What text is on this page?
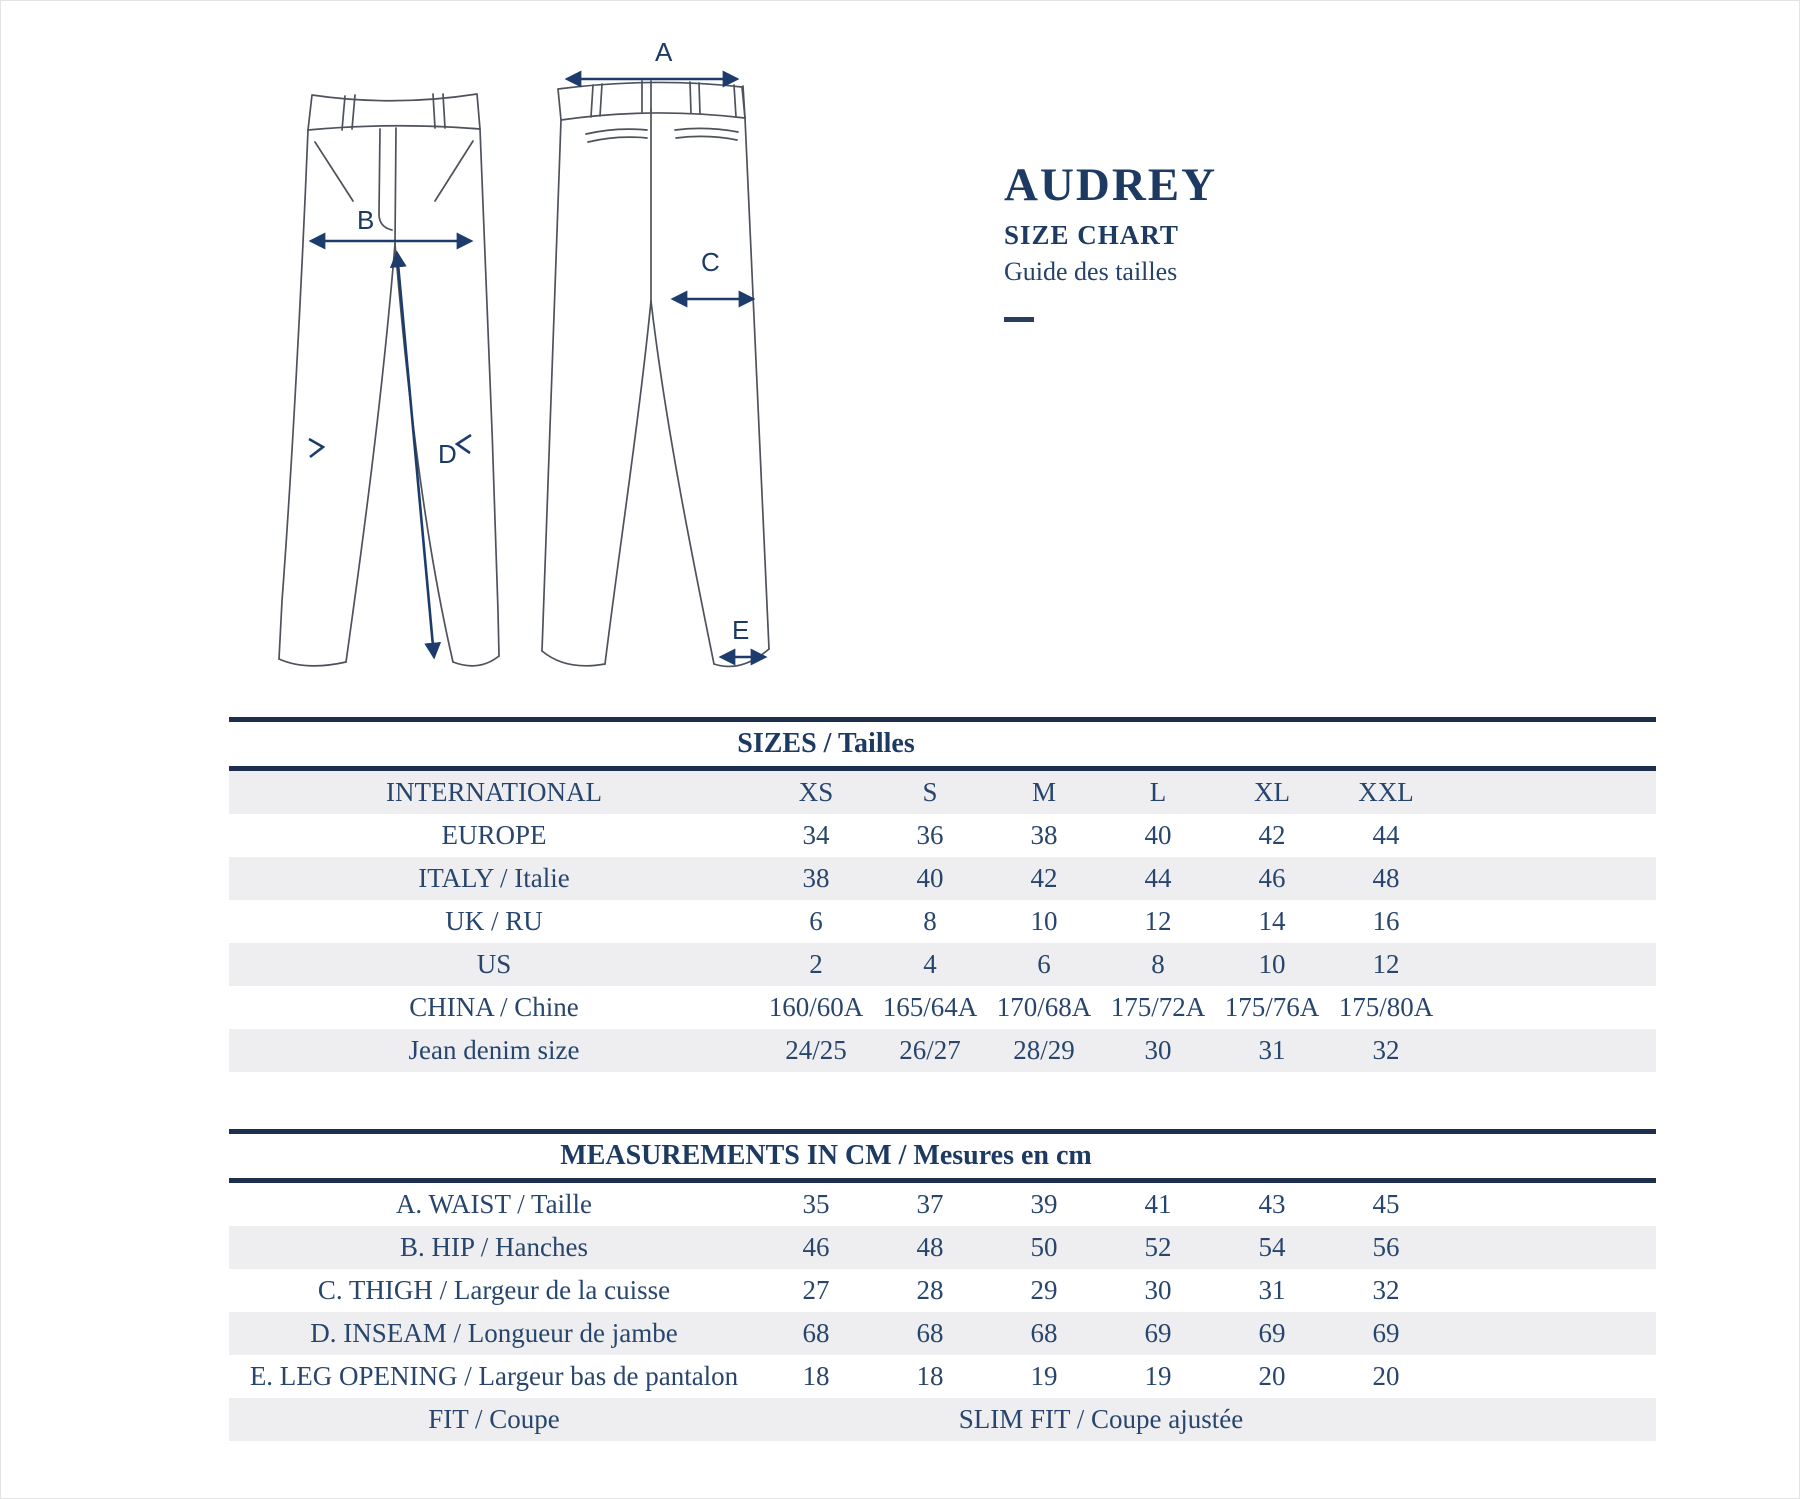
A
B
C
D
E
AUDREY
SIZE CHART
Guide des tailles
SIZES / Tailles
INTERNATIONAL	XS	S	M	L	XL	XXL
EUROPE	34	36	38	40	42	44
ITALY / Italie	38	40	42	44	46	48
UK / RU	6	8	10	12	14	16
US	2	4	6	8	10	12
CHINA / Chine	160/60A 165/64A 170/68A 175/72A 175/76A 175/80A
Jean denim size	24/25	26/27	28/29	30	31	32
MEASUREMENTS IN CM / Mesures en cm
A. WAIST / Taille	35	37	39	41	43	45
B. HIP / Hanches	46	48	50	52	54	56
C. THIGH / Largeur de la cuisse	27	28	29	30	31	32
D. INSEAM / Longueur de jambe	68	68	68	69	69	69
E. LEG OPENING / Largeur bas de pantalon	18	18	19	19	20	20
FIT / Coupe	SLIM FIT / Coupe ajustée
